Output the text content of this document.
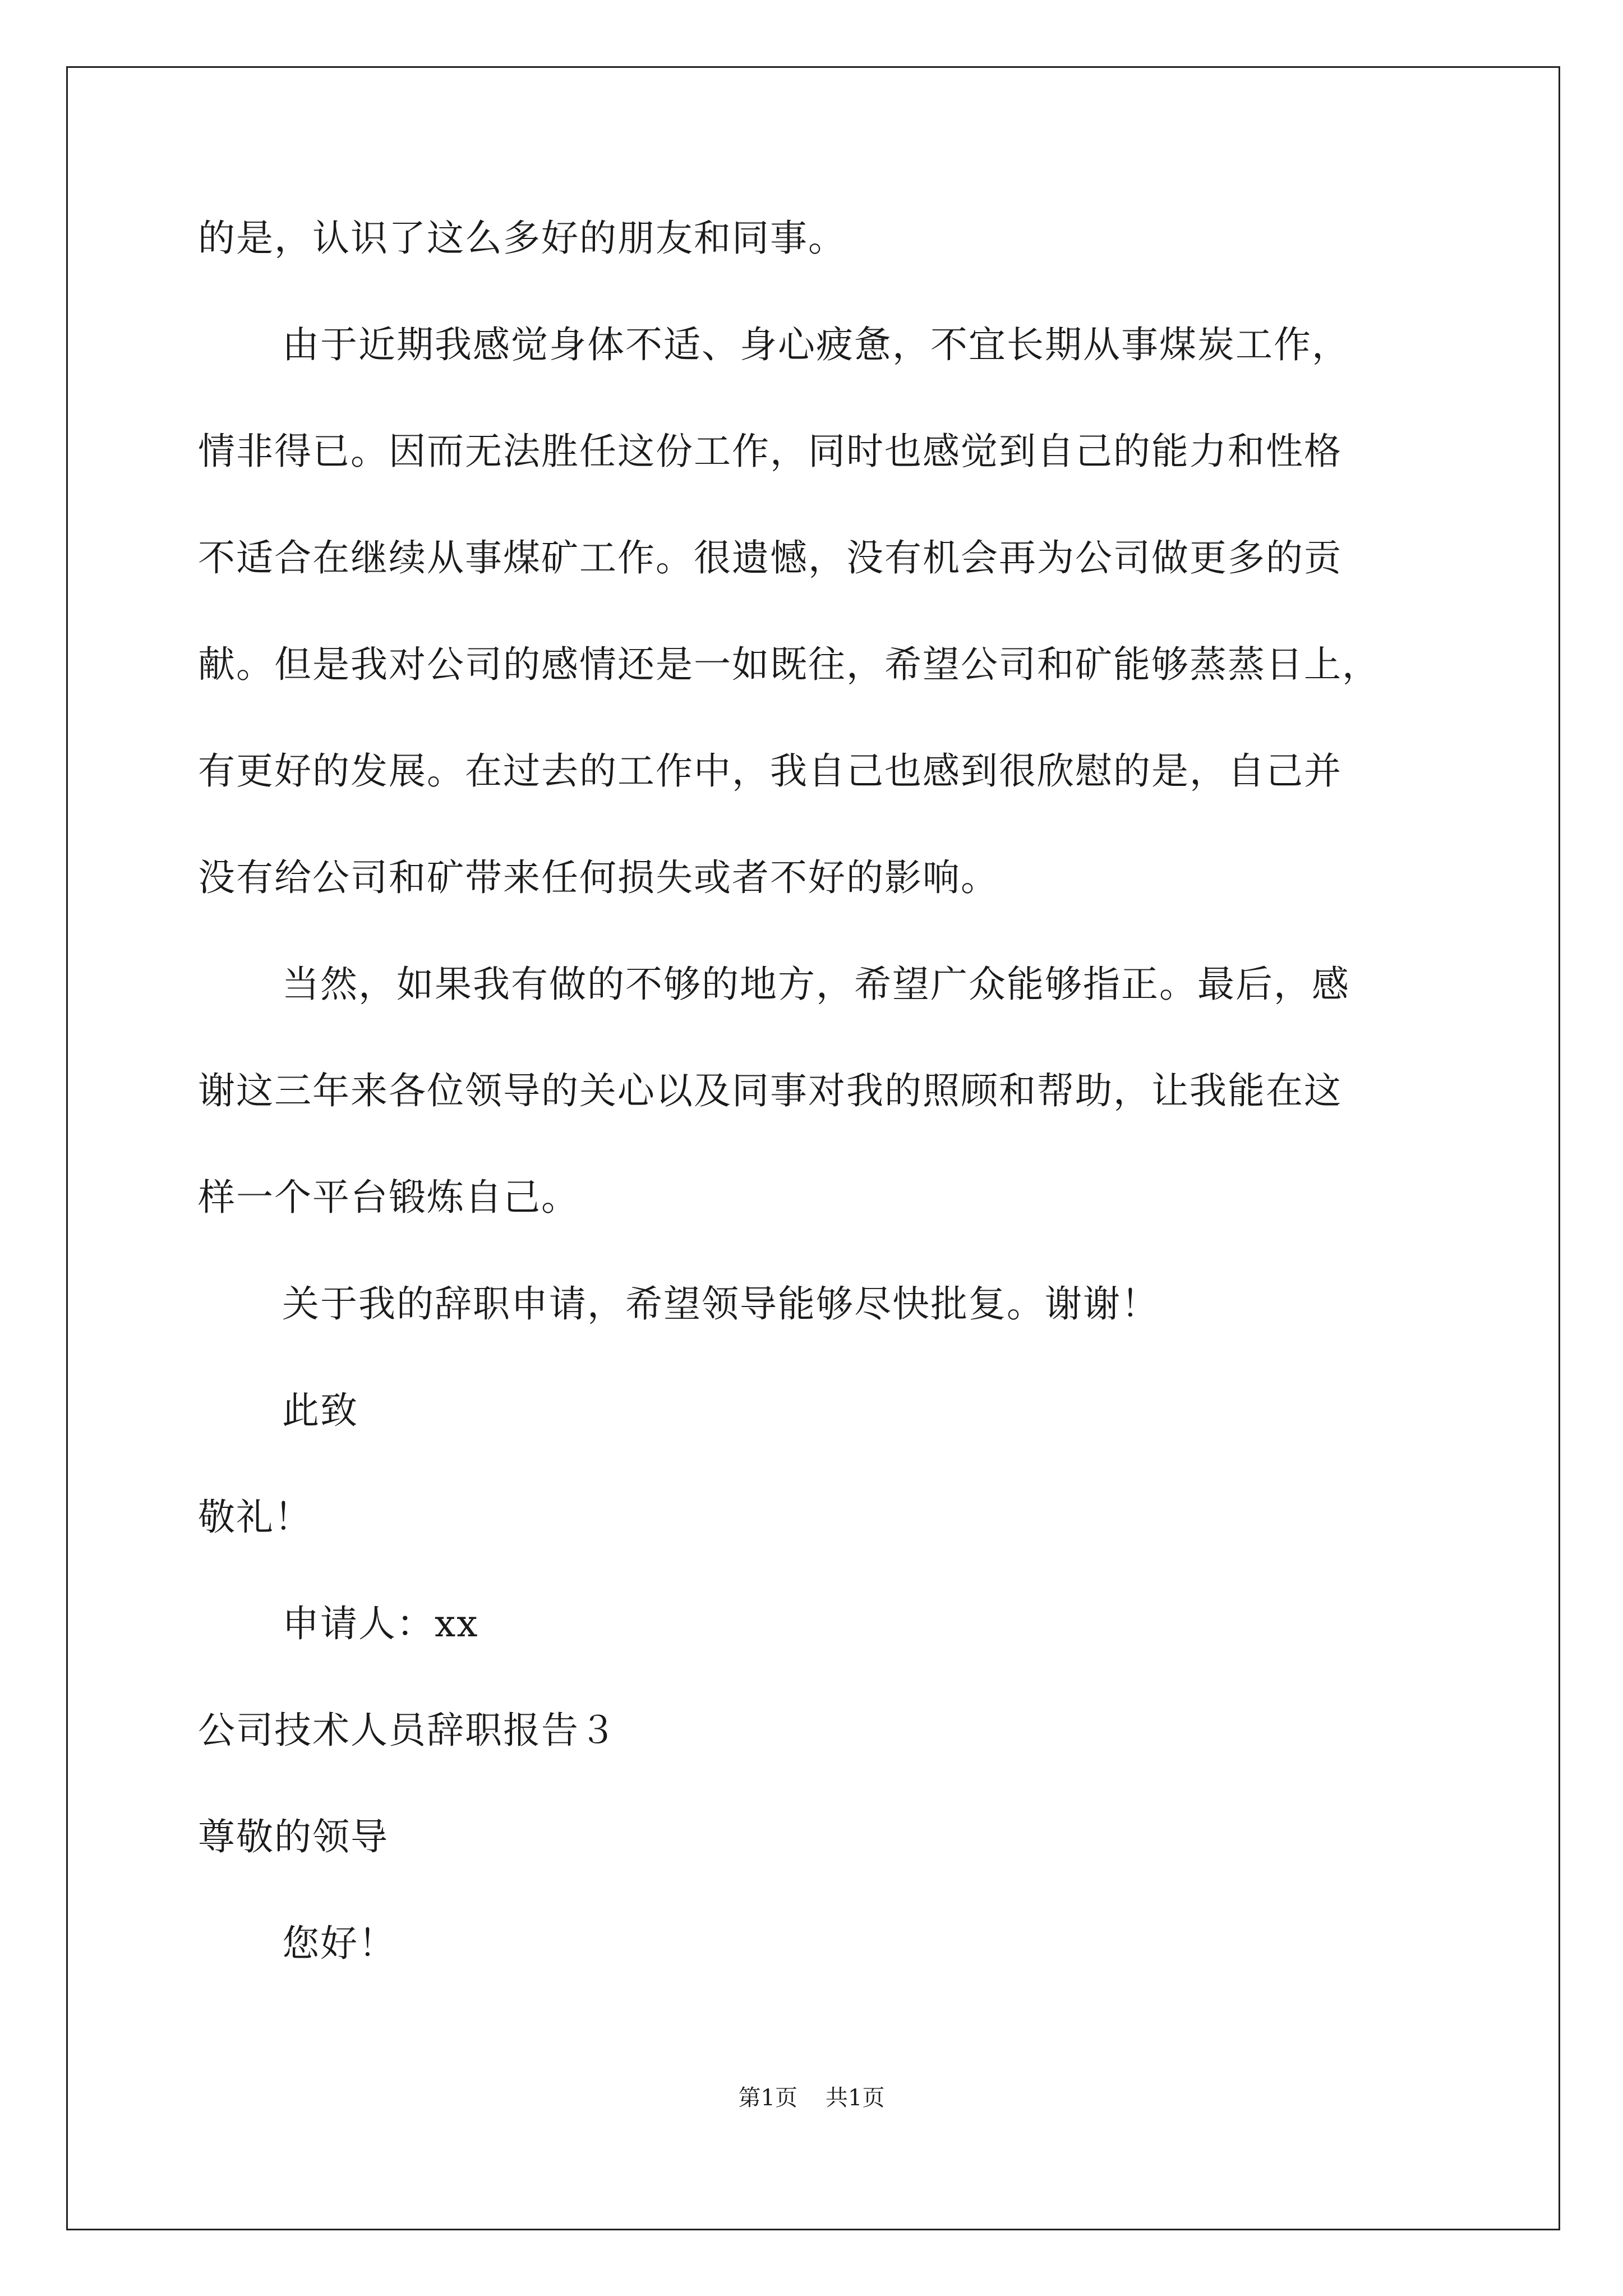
的是，认识了这么多好的朋友和同事。
由于近期我感觉身体不适、身心疲惫，不宜长期从事煤炭工作，
情非得已。因而无法胜任这份工作，同时也感觉到自己的能力和性格
不适合在继续从事煤矿工作。很遗憾，没有机会再为公司做更多的贡
献。但是我对公司的感情还是一如既往，希望公司和矿能够蒸蒸日上，
有更好的发展。在过去的工作中，我自己也感到很欣慰的是，自己并
没有给公司和矿带来任何损失或者不好的影响。
当然，如果我有做的不够的地方，希望广众能够指正。最后，感
谢这三年来各位领导的关心以及同事对我的照顾和帮助，让我能在这
样一个平台锻炼自己。
关于我的辞职申请，希望领导能够尽快批复。谢谢！
此致
敬礼！
申请人：xx
公司技术人员辞职报告３
尊敬的领导
您好！
第1页 共1页
